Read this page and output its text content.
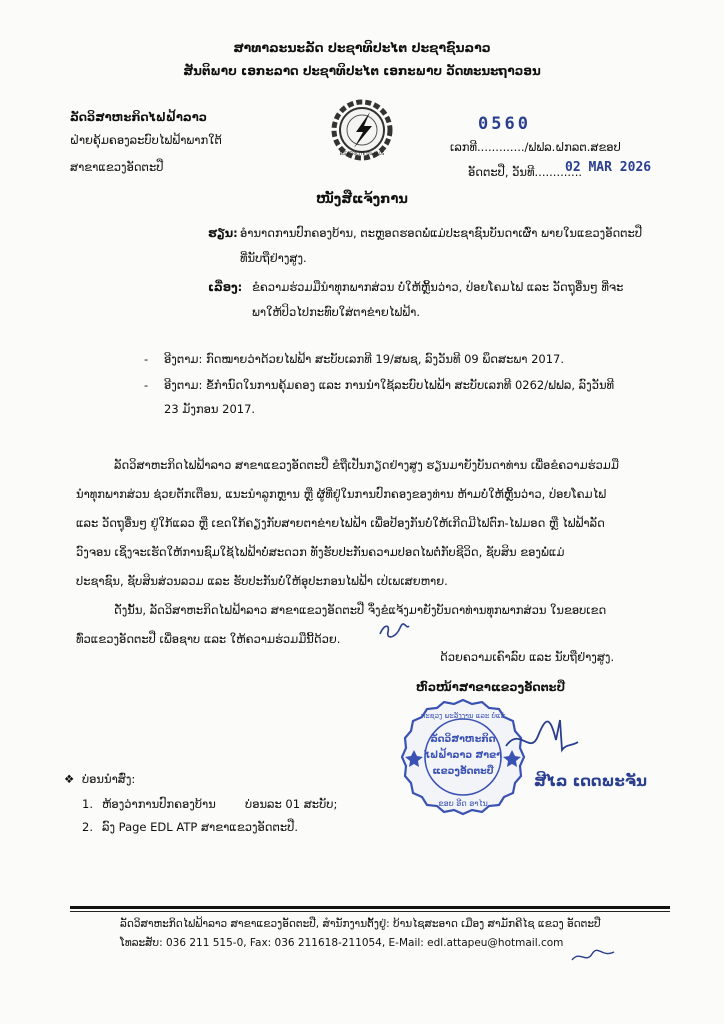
ສາທາລະນະລັດ ປະຊາທິປະໄຕ ປະຊາຊົນລາວ
ສັນຕິພາບ ເອກະລາດ ປະຊາທິປະໄຕ ເອກະພາບ ວັດທະນະຖາວອນ
ລັດວິສາຫະກິດໄຟຟ້າລາວ
ຝ່າຍຄຸ້ມຄອງລະບົບໄຟຟ້າພາກໃຕ້
ສາຂາແຂວງອັດຕະປື
ELECTRICITE DU LAOS
0560
ເລກທີ............./ຟຟລ.ຝກລຕ.ສຂອປ
ອັດຕະປື, ວັນທີ.............
02 MAR 2026
ໜັງສືແຈ້ງການ
ຮຽນ: ອໍານາດການປົກຄອງບ້ານ, ຕະຫຼອດຮອດພໍ່ແມ່ປະຊາຊົນບັນດາເຜົ່າ ພາຍໃນແຂວງອັດຕະປື
ທີ່ນັບຖືຢ່າງສູງ.
ເລື່ອງ: ຂໍຄວາມຮ່ວມມືນໍາທຸກພາກສ່ວນ ບໍ່ໃຫ້ຫຼິ້ນວ່າວ, ປ່ອຍໂຄມໄຟ ແລະ ວັດຖຸອື່ນໆ ທີ່ຈະ
ພາໃຫ້ປິວໄປກະທົບໃສ່ຕາຂ່າຍໄຟຟ້າ.
- ອີງຕາມ: ກົດໝາຍວ່າດ້ວຍໄຟຟ້າ ສະບັບເລກທີ 19/ສພຊ, ລົງວັນທີ 09 ພຶດສະພາ 2017.
- ອີງຕາມ: ຂໍ້ກໍານົດໃນການຄຸ້ມຄອງ ແລະ ການນໍາໃຊ້ລະບົບໄຟຟ້າ ສະບັບເລກທີ 0262/ຟຟລ, ລົງວັນທີ
23 ມັງກອນ 2017.
ລັດວິສາຫະກິດໄຟຟ້າລາວ ສາຂາແຂວງອັດຕະປື ຂໍຖືເປັນກຽດຢ່າງສູງ ຮຽນມາຍັງບັນດາທ່ານ ເພື່ອຂໍຄວາມຮ່ວມມື
ນໍາທຸກພາກສ່ວນ ຊ່ວຍຕັກເຕືອນ, ແນະນໍາລູກຫຼານ ຫຼື ຜູ້ທີ່ຢູ່ໃນການປົກຄອງຂອງທ່ານ ຫ້າມບໍ່ໃຫ້ຫຼິ້ນວ່າວ, ປ່ອຍໂຄມໄຟ
ແລະ ວັດຖຸອື່ນໆ ຢູ່ໃກ້ແລວ ຫຼື ເຂດໃກ້ຄຽງກັບສາຍຕາຂ່າຍໄຟຟ້າ ເພື່ອປ້ອງກັນບໍ່ໃຫ້ເກີດມີໄຟຕົກ-ໄຟມອດ ຫຼື ໄຟຟ້າລັດ
ວົງຈອນ ເຊິ່ງຈະເຮັດໃຫ້ການຊົມໃຊ້ໄຟຟ້າບໍ່ສະດວກ ທັງຮັບປະກັນຄວາມປອດໄພຕໍ່ກັບຊີວິດ, ຊັບສິນ ຂອງພໍ່ແມ່
ປະຊາຊົນ, ຊັບສິນສ່ວນລວມ ແລະ ຮັບປະກັນບໍ່ໃຫ້ອຸປະກອນໄຟຟ້າ ເປ່ເພເສຍຫາຍ.
ດັ່ງນັ້ນ, ລັດວິສາຫະກິດໄຟຟ້າລາວ ສາຂາແຂວງອັດຕະປື ຈຶ່ງຂໍແຈ້ງມາຍັງບັນດາທ່ານທຸກພາກສ່ວນ ໃນຂອບເຂດ
ທົ່ວແຂວງອັດຕະປື ເພື່ອຊາບ ແລະ ໃຫ້ຄວາມຮ່ວມມືນີ້ດ້ວຍ.
ດ້ວຍຄວາມເຄົາລົບ ແລະ ນັບຖືຢ່າງສູງ.
ຫົວໜ້າສາຂາແຂວງອັດຕະປື
ກະຊວງ ພະລັງງານ ແລະ ບໍ່ແຮ່
ລັດວິສາຫະກິດ
ໄຟຟ້າລາວ ສາຂາ
ແຂວງອັດຕະປື
ຂອບ ອີດ ອາໄນ
ສີໄລ ເດດພະຈັນ
❖ ບ່ອນນໍາສົ່ງ:
1. ຫ້ອງວ່າການປົກຄອງບ້ານ	ບ່ອນລະ 01 ສະບັບ;
2. ລົງ Page EDL ATP ສາຂາແຂວງອັດຕະປື.
ລັດວິສາຫະກິດໄຟຟ້າລາວ ສາຂາແຂວງອັດຕະປື, ສໍານັກງານຕັ້ງຢູ່: ບ້ານໄຊສະອາດ ເມືອງ ສາມັກຄີໄຊ ແຂວງ ອັດຕະປື
ໂທລະສັບ: 036 211 515-0, Fax: 036 211618-211054, E-Mail: edl.attapeu@hotmail.com
